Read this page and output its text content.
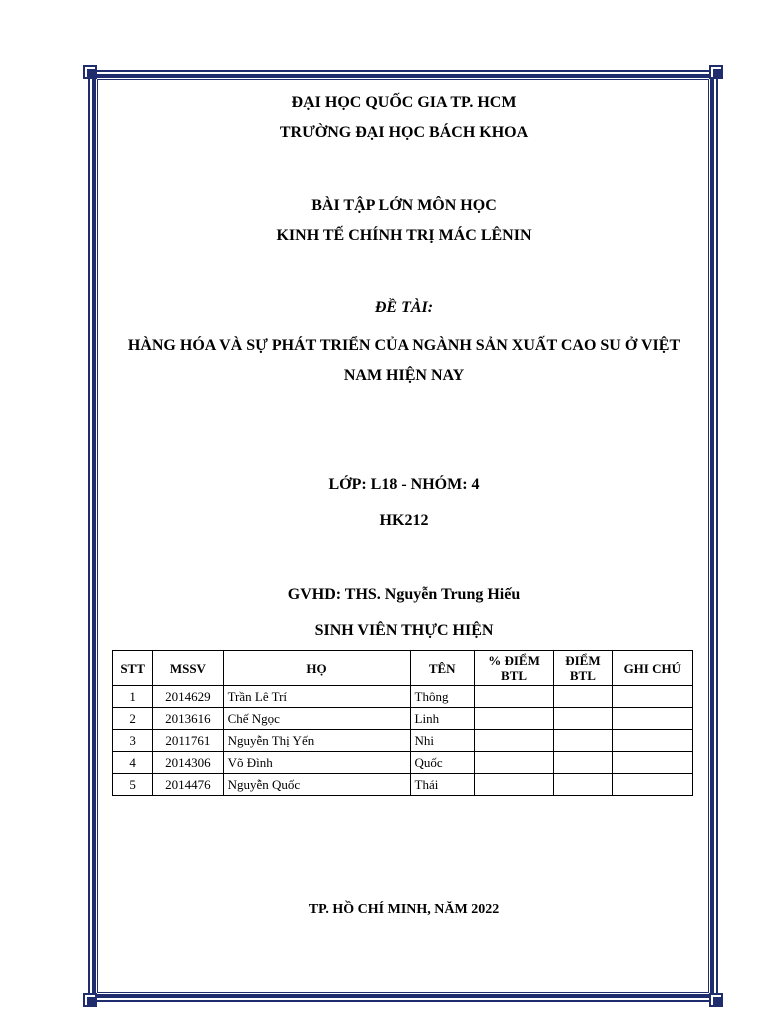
ĐẠI HỌC QUỐC GIA TP. HCM
TRƯỜNG ĐẠI HỌC BÁCH KHOA
BÀI TẬP LỚN MÔN HỌC
KINH TẾ CHÍNH TRỊ MÁC LÊNIN
ĐỀ TÀI:
HÀNG HÓA VÀ SỰ PHÁT TRIỂN CỦA NGÀNH SẢN XUẤT CAO SU Ở VIỆT NAM HIỆN NAY
LỚP: L18 - NHÓM: 4
HK212
GVHD: THS. Nguyễn Trung Hiếu
SINH VIÊN THỰC HIỆN
STT	MSSV	HỌ	TÊN	% ĐIỂM BTL	ĐIỂM BTL	GHI CHÚ
1	2014629	Trần Lê Trí	Thông			
2	2013616	Chế Ngọc	Linh			
3	2011761	Nguyễn Thị Yến	Nhi			
4	2014306	Võ Đình	Quốc			
5	2014476	Nguyễn Quốc	Thái			
TP. HỒ CHÍ MINH, NĂM 2022
